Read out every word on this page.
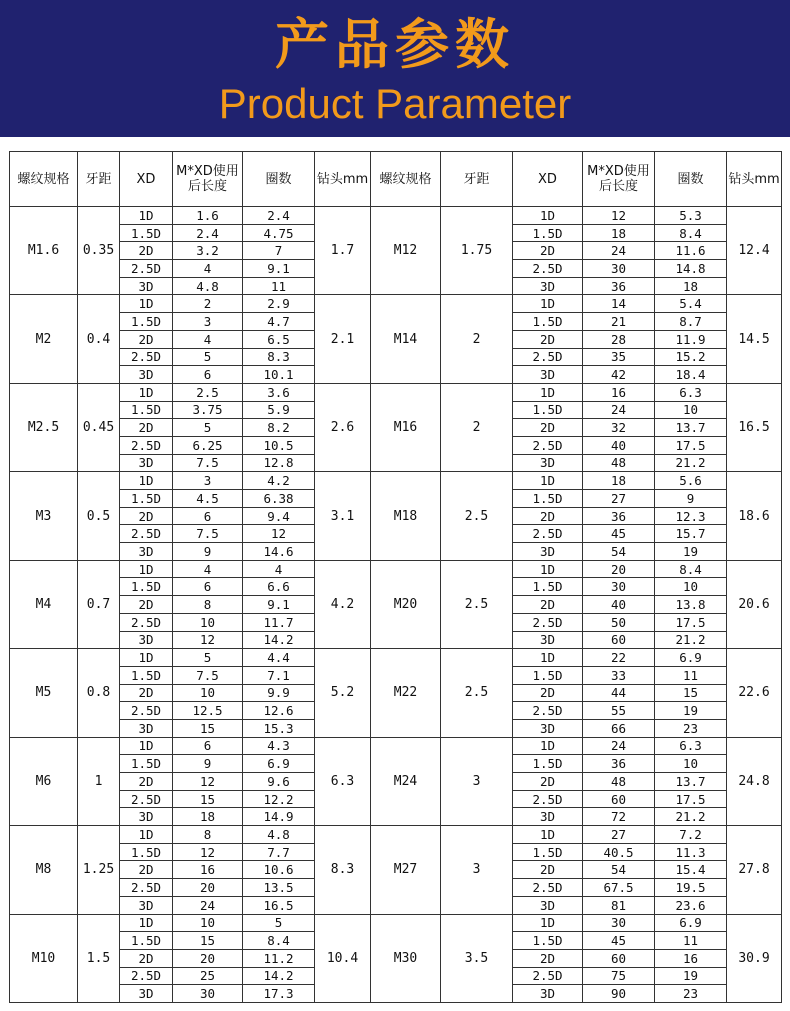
产品参数
Product Parameter
螺纹规格	牙距	XD	M*XD使用后长度	圈数	钻头mm	螺纹规格	牙距	XD	M*XD使用后长度	圈数	钻头mm
M1.6	0.35	1D	1.6	2.4	1.7	M12	1.75	1D	12	5.3	12.4
		1.5D	2.4	4.75				1.5D	18	8.4	
		2D	3.2	7				2D	24	11.6	
		2.5D	4	9.1				2.5D	30	14.8	
		3D	4.8	11				3D	36	18	
M2	0.4	1D	2	2.9	2.1	M14	2	1D	14	5.4	14.5
		1.5D	3	4.7				1.5D	21	8.7	
		2D	4	6.5				2D	28	11.9	
		2.5D	5	8.3				2.5D	35	15.2	
		3D	6	10.1				3D	42	18.4	
M2.5	0.45	1D	2.5	3.6	2.6	M16	2	1D	16	6.3	16.5
		1.5D	3.75	5.9				1.5D	24	10	
		2D	5	8.2				2D	32	13.7	
		2.5D	6.25	10.5				2.5D	40	17.5	
		3D	7.5	12.8				3D	48	21.2	
M3	0.5	1D	3	4.2	3.1	M18	2.5	1D	18	5.6	18.6
		1.5D	4.5	6.38				1.5D	27	9	
		2D	6	9.4				2D	36	12.3	
		2.5D	7.5	12				2.5D	45	15.7	
		3D	9	14.6				3D	54	19	
M4	0.7	1D	4	4	4.2	M20	2.5	1D	20	8.4	20.6
		1.5D	6	6.6				1.5D	30	10	
		2D	8	9.1				2D	40	13.8	
		2.5D	10	11.7				2.5D	50	17.5	
		3D	12	14.2				3D	60	21.2	
M5	0.8	1D	5	4.4	5.2	M22	2.5	1D	22	6.9	22.6
		1.5D	7.5	7.1				1.5D	33	11	
		2D	10	9.9				2D	44	15	
		2.5D	12.5	12.6				2.5D	55	19	
		3D	15	15.3				3D	66	23	
M6	1	1D	6	4.3	6.3	M24	3	1D	24	6.3	24.8
		1.5D	9	6.9				1.5D	36	10	
		2D	12	9.6				2D	48	13.7	
		2.5D	15	12.2				2.5D	60	17.5	
		3D	18	14.9				3D	72	21.2	
M8	1.25	1D	8	4.8	8.3	M27	3	1D	27	7.2	27.8
		1.5D	12	7.7				1.5D	40.5	11.3	
		2D	16	10.6				2D	54	15.4	
		2.5D	20	13.5				2.5D	67.5	19.5	
		3D	24	16.5				3D	81	23.6	
M10	1.5	1D	10	5	10.4	M30	3.5	1D	30	6.9	30.9
		1.5D	15	8.4				1.5D	45	11	
		2D	20	11.2				2D	60	16	
		2.5D	25	14.2				2.5D	75	19	
		3D	30	17.3				3D	90	23	
